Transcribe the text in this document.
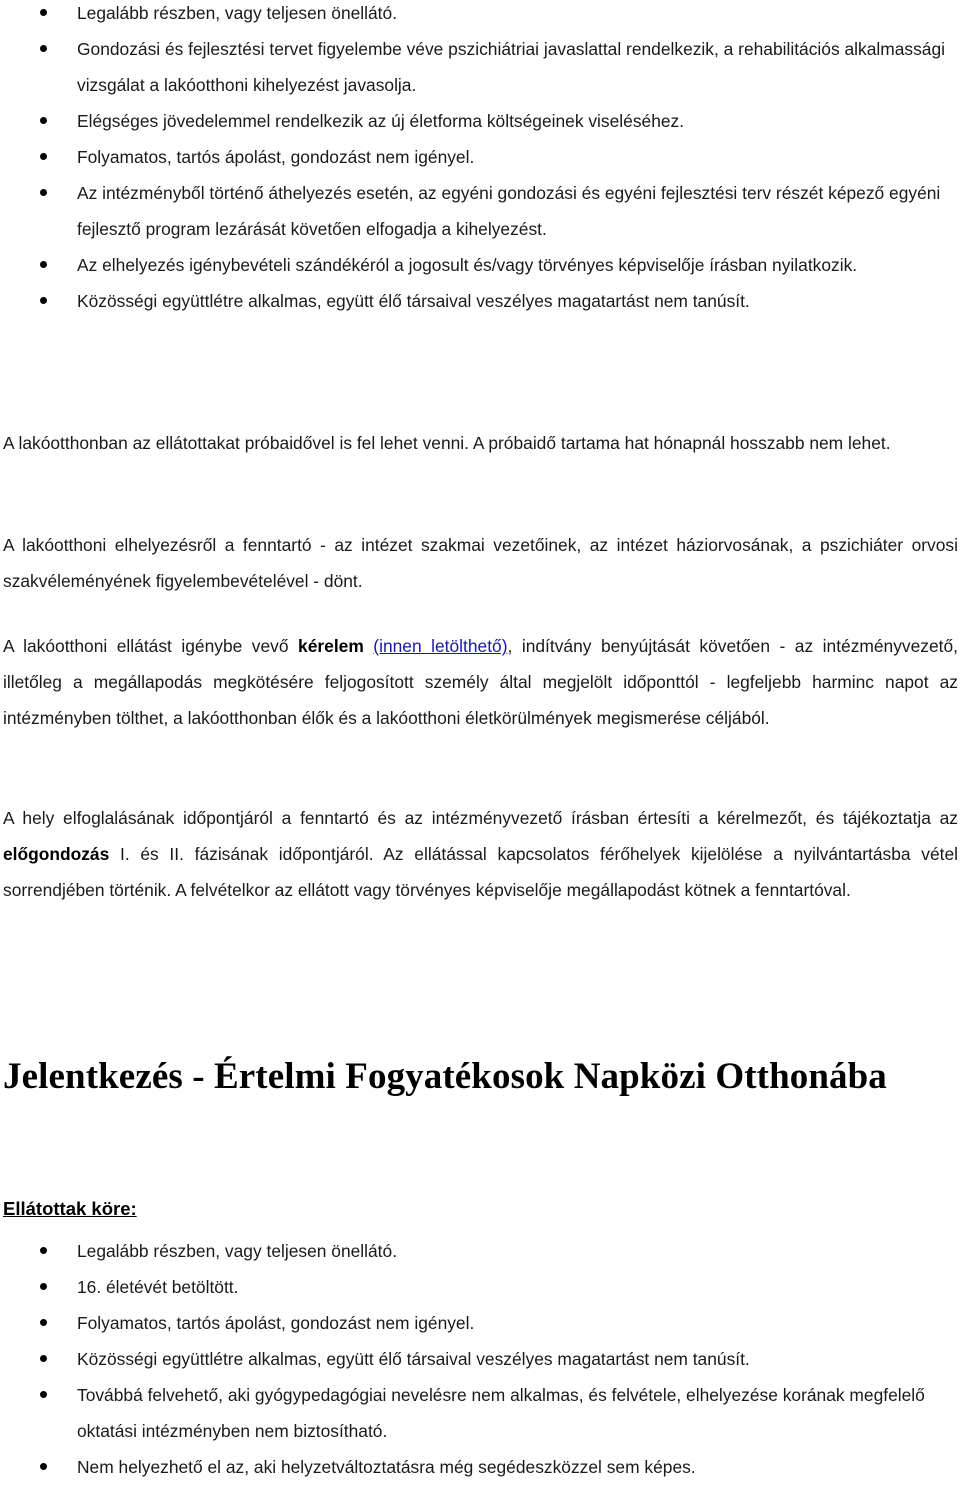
Legalább részben, vagy teljesen önellátó.
Gondozási és fejlesztési tervet figyelembe véve pszichiátriai javaslattal rendelkezik, a rehabilitációs alkalmassági vizsgálat a lakóotthoni kihelyezést javasolja.
Elégséges jövedelemmel rendelkezik az új életforma költségeinek viseléséhez.
Folyamatos, tartós ápolást, gondozást nem igényel.
Az intézményből történő áthelyezés esetén, az egyéni gondozási és egyéni fejlesztési terv részét képező egyéni fejlesztő program lezárását követően elfogadja a kihelyezést.
Az elhelyezés igénybevételi szándékéról a jogosult és/vagy törvényes képviselője írásban nyilatkozik.
Közösségi együttlétre alkalmas, együtt élő társaival veszélyes magatartást nem tanúsít.

A lakóotthonban az ellátottakat próbaidővel is fel lehet venni. A próbaidő tartama hat hónapnál hosszabb nem lehet.

A lakóotthoni elhelyezésről a fenntartó - az intézet szakmai vezetőinek, az intézet háziorvosának, a pszichiáter orvosi szakvéleményének figyelembevételével - dönt.

A lakóotthoni ellátást igénybe vevő kérelem (innen letölthető), indítvány benyújtását követően - az intézményvezető, illetőleg a megállapodás megkötésére feljogosított személy által megjelölt időponttól - legfeljebb harminc napot az intézményben tölthet, a lakóotthonban élők és a lakóotthoni életkörülmények megismerése céljából.

A hely elfoglalásának időpontjáról a fenntartó és az intézményvezető írásban értesíti a kérelmezőt, és tájékoztatja az előgondozás I. és II. fázisának időpontjáról. Az ellátással kapcsolatos férőhelyek kijelölése a nyilvántartásba vétel sorrendjében történik. A felvételkor az ellátott vagy törvényes képviselője megállapodást kötnek a fenntartóval.

Jelentkezés - Értelmi Fogyatékosok Napközi Otthonába
Ellátottak köre:
Legalább részben, vagy teljesen önellátó.
16. életévét betöltött.
Folyamatos, tartós ápolást, gondozást nem igényel.
Közösségi együttlétre alkalmas, együtt élő társaival veszélyes magatartást nem tanúsít.
Továbbá felvehető, aki gyógypedagógiai nevelésre nem alkalmas, és felvétele, elhelyezése korának megfelelő oktatási intézményben nem biztosítható.
Nem helyezhető el az, aki helyzetváltoztatásra még segédeszközzel sem képes.
